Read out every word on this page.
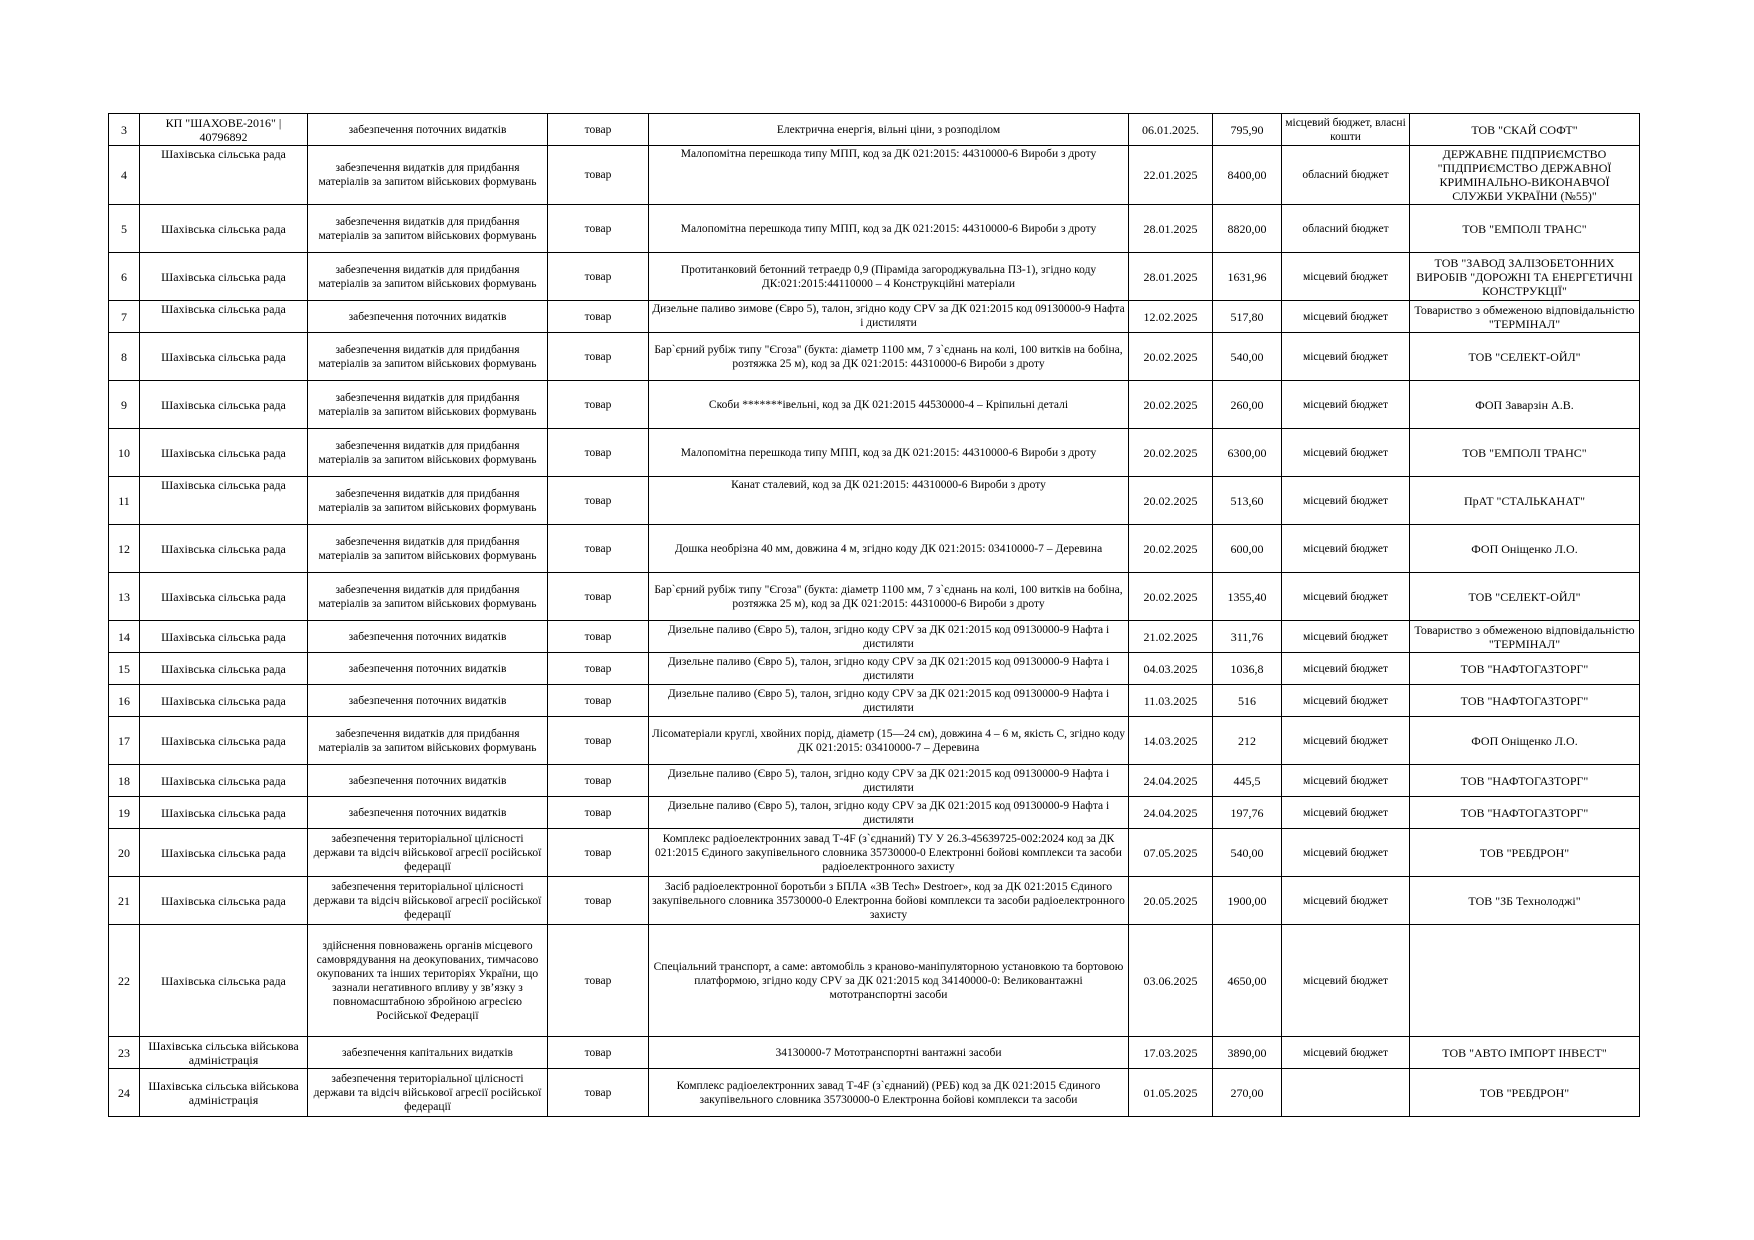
3	КП "ШАХОВЕ-2016" | 40796892	забезпечення поточних видатків	товар	Електрична енергія, вільні ціни, з розподілом	06.01.2025.	795,90	місцевий бюджет, власні кошти	ТОВ "СКАЙ СОФТ"
4	Шахівська сільська рада	забезпечення видатків для придбання матеріалів за запитом військових формувань	товар	Малопомітна перешкода типу МПП, код за ДК 021:2015: 44310000-6 Вироби з дроту	22.01.2025	8400,00	обласний бюджет	ДЕРЖАВНЕ ПІДПРИЄМСТВО "ПІДПРИЄМСТВО ДЕРЖАВНОЇ КРИМІНАЛЬНО-ВИКОНАВЧОЇ СЛУЖБИ УКРАЇНИ (№55)"
5	Шахівська сільська рада	забезпечення видатків для придбання матеріалів за запитом військових формувань	товар	Малопомітна перешкода типу МПП, код за ДК 021:2015: 44310000-6 Вироби з дроту	28.01.2025	8820,00	обласний бюджет	ТОВ "ЕМПОЛІ ТРАНС"
6	Шахівська сільська рада	забезпечення видатків для придбання матеріалів за запитом військових формувань	товар	Протитанковий бетонний тетраедр 0,9 (Піраміда загороджувальна ПЗ-1), згідно коду ДК:021:2015:44110000 – 4 Конструкційні матеріали	28.01.2025	1631,96	місцевий бюджет	ТОВ "ЗАВОД ЗАЛІЗОБЕТОННИХ ВИРОБІВ "ДОРОЖНІ ТА ЕНЕРГЕТИЧНІ КОНСТРУКЦІЇ"
7	Шахівська сільська рада	забезпечення поточних видатків	товар	Дизельне паливо зимове (Євро 5), талон, згідно коду CPV за ДК 021:2015 код 09130000-9 Нафта і дистиляти	12.02.2025	517,80	місцевий бюджет	Товариство з обмеженою відповідальністю "ТЕРМІНАЛ"
8	Шахівська сільська рада	забезпечення видатків для придбання матеріалів за запитом військових формувань	товар	Бар`єрний рубіж типу "Єгоза" (букта: діаметр 1100 мм, 7 з`єднань на колі, 100 витків на бобіна, розтяжка 25 м), код за ДК 021:2015: 44310000-6 Вироби з дроту	20.02.2025	540,00	місцевий бюджет	ТОВ "СЕЛЕКТ-ОЙЛ"
9	Шахівська сільська рада	забезпечення видатків для придбання матеріалів за запитом військових формувань	товар	Скоби *******івельні, код за ДК 021:2015 44530000-4 – Кріпильні деталі	20.02.2025	260,00	місцевий бюджет	ФОП Заварзін А.В.
10	Шахівська сільська рада	забезпечення видатків для придбання матеріалів за запитом військових формувань	товар	Малопомітна перешкода типу МПП, код за ДК 021:2015: 44310000-6 Вироби з дроту	20.02.2025	6300,00	місцевий бюджет	ТОВ "ЕМПОЛІ ТРАНС"
11	Шахівська сільська рада	забезпечення видатків для придбання матеріалів за запитом військових формувань	товар	Канат сталевий, код за ДК 021:2015: 44310000-6 Вироби з дроту	20.02.2025	513,60	місцевий бюджет	ПрАТ "СТАЛЬКАНАТ"
12	Шахівська сільська рада	забезпечення видатків для придбання матеріалів за запитом військових формувань	товар	Дошка необрізна 40 мм, довжина 4 м, згідно коду ДК 021:2015: 03410000-7 – Деревина	20.02.2025	600,00	місцевий бюджет	ФОП Оніщенко Л.О.
13	Шахівська сільська рада	забезпечення видатків для придбання матеріалів за запитом військових формувань	товар	Бар`єрний рубіж типу "Єгоза" (букта: діаметр 1100 мм, 7 з`єднань на колі, 100 витків на бобіна, розтяжка 25 м), код за ДК 021:2015: 44310000-6 Вироби з дроту	20.02.2025	1355,40	місцевий бюджет	ТОВ "СЕЛЕКТ-ОЙЛ"
14	Шахівська сільська рада	забезпечення поточних видатків	товар	Дизельне паливо (Євро 5), талон, згідно коду CPV за ДК 021:2015 код 09130000-9 Нафта і дистиляти	21.02.2025	311,76	місцевий бюджет	Товариство з обмеженою відповідальністю "ТЕРМІНАЛ"
15	Шахівська сільська рада	забезпечення поточних видатків	товар	Дизельне паливо (Євро 5), талон, згідно коду CPV за ДК 021:2015 код 09130000-9 Нафта і дистиляти	04.03.2025	1036,8	місцевий бюджет	ТОВ "НАФТОГАЗТОРГ"
16	Шахівська сільська рада	забезпечення поточних видатків	товар	Дизельне паливо (Євро 5), талон, згідно коду CPV за ДК 021:2015 код 09130000-9 Нафта і дистиляти	11.03.2025	516	місцевий бюджет	ТОВ "НАФТОГАЗТОРГ"
17	Шахівська сільська рада	забезпечення видатків для придбання матеріалів за запитом військових формувань	товар	Лісоматеріали круглі, хвойних порід, діаметр (15—24 см), довжина 4 – 6 м, якість С, згідно коду ДК 021:2015: 03410000-7 – Деревина	14.03.2025	212	місцевий бюджет	ФОП Оніщенко Л.О.
18	Шахівська сільська рада	забезпечення поточних видатків	товар	Дизельне паливо (Євро 5), талон, згідно коду CPV за ДК 021:2015 код 09130000-9 Нафта і дистиляти	24.04.2025	445,5	місцевий бюджет	ТОВ "НАФТОГАЗТОРГ"
19	Шахівська сільська рада	забезпечення поточних видатків	товар	Дизельне паливо (Євро 5), талон, згідно коду CPV за ДК 021:2015 код 09130000-9 Нафта і дистиляти	24.04.2025	197,76	місцевий бюджет	ТОВ "НАФТОГАЗТОРГ"
20	Шахівська сільська рада	забезпечення територіальної цілісності держави та відсіч військової агресії російської федерації	товар	Комплекс радіоелектронних завад Т-4F (з`єднаний) ТУ У 26.3-45639725-002:2024 код за ДК 021:2015 Єдиного закупівельного словника 35730000-0 Електронні бойові комплекси та засоби радіоелектронного захисту	07.05.2025	540,00	місцевий бюджет	ТОВ "РЕБДРОН"
21	Шахівська сільська рада	забезпечення територіальної цілісності держави та відсіч військової агресії російської федерації	товар	Засіб радіоелектронної боротьби з БПЛА «ЗВ Tech» Destroer», код за ДК 021:2015 Єдиного закупівельного словника 35730000-0 Електронна бойові комплекси та засоби радіоелектронного захисту	20.05.2025	1900,00	місцевий бюджет	ТОВ "ЗБ Технолоджі"
22	Шахівська сільська рада	здійснення повноважень органів місцевого самоврядування на деокупованих, тимчасово окупованих та інших територіях України, що зазнали негативного впливу у зв’язку з повномасштабною збройною агресією Російської Федерації	товар	Спеціальний транспорт, а саме: автомобіль з краново-маніпуляторною установкою та бортовою платформою, згідно коду CPV за ДК 021:2015 код 34140000-0: Великовантажні мототранспортні засоби	03.06.2025	4650,00	місцевий бюджет	
23	Шахівська сільська військова адміністрація	забезпечення капітальних видатків	товар	34130000-7 Мототранспортні вантажні засоби	17.03.2025	3890,00	місцевий бюджет	ТОВ "АВТО ІМПОРТ ІНВЕСТ"
24	Шахівська сільська військова адміністрація	забезпечення територіальної цілісності держави та відсіч військової агресії російської федерації	товар	Комплекс радіоелектронних завад Т-4F (з`єднаний) (РЕБ) код за ДК 021:2015 Єдиного закупівельного словника 35730000-0 Електронна бойові комплекси та засоби	01.05.2025	270,00		ТОВ "РЕБДРОН"
